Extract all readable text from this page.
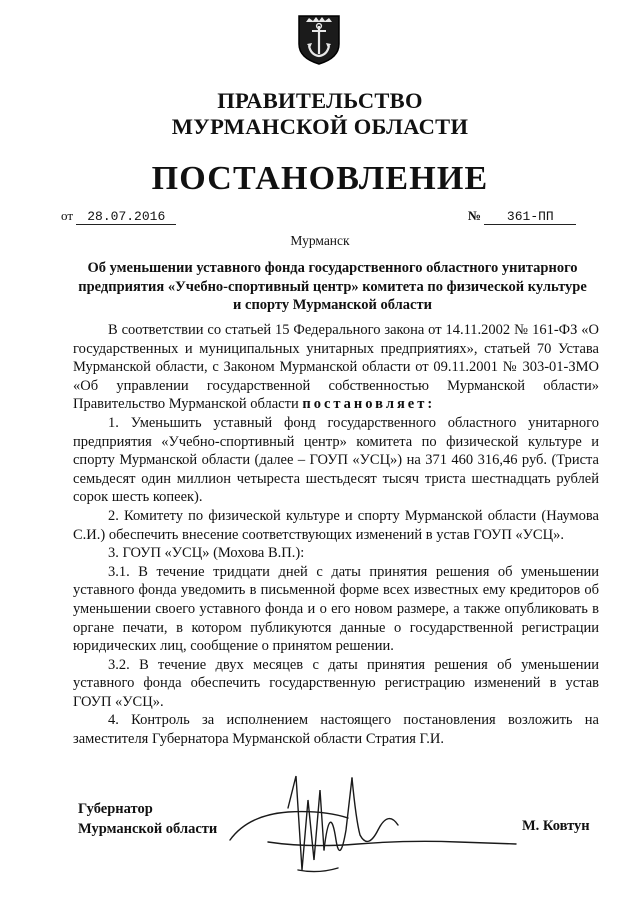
ПРАВИТЕЛЬСТВО
МУРМАНСКОЙ ОБЛАСТИ
ПОСТАНОВЛЕНИЕ
от 28.07.2016	№ 361-ПП
Мурманск
Об уменьшении уставного фонда государственного областного унитарного предприятия «Учебно-спортивный центр» комитета по физической культуре и спорту Мурманской области

В соответствии со статьей 15 Федерального закона от 14.11.2002 № 161-ФЗ «О государственных и муниципальных унитарных предприятиях», статьей 70 Устава Мурманской области, с Законом Мурманской области от 09.11.2001 № 303-01-ЗМО «Об управлении государственной собственностью Мурманской области» Правительство Мурманской области постановляет:

1. Уменьшить уставный фонд государственного областного унитарного предприятия «Учебно-спортивный центр» комитета по физической культуре и спорту Мурманской области (далее – ГОУП «УСЦ») на 371 460 316,46 руб. (Триста семьдесят один миллион четыреста шестьдесят тысяч триста шестнадцать рублей сорок шесть копеек).

2. Комитету по физической культуре и спорту Мурманской области (Наумова С.И.) обеспечить внесение соответствующих изменений в устав ГОУП «УСЦ».

3. ГОУП «УСЦ» (Мохова В.П.):

3.1. В течение тридцати дней с даты принятия решения об уменьшении уставного фонда уведомить в письменной форме всех известных ему кредиторов об уменьшении своего уставного фонда и о его новом размере, а также опубликовать в органе печати, в котором публикуются данные о государственной регистрации юридических лиц, сообщение о принятом решении.

3.2. В течение двух месяцев с даты принятия решения об уменьшении уставного фонда обеспечить государственную регистрацию изменений в устав ГОУП «УСЦ».

4. Контроль за исполнением настоящего постановления возложить на заместителя Губернатора Мурманской области Стратия Г.И.

Губернатор
Мурманской области	М. Ковтун
